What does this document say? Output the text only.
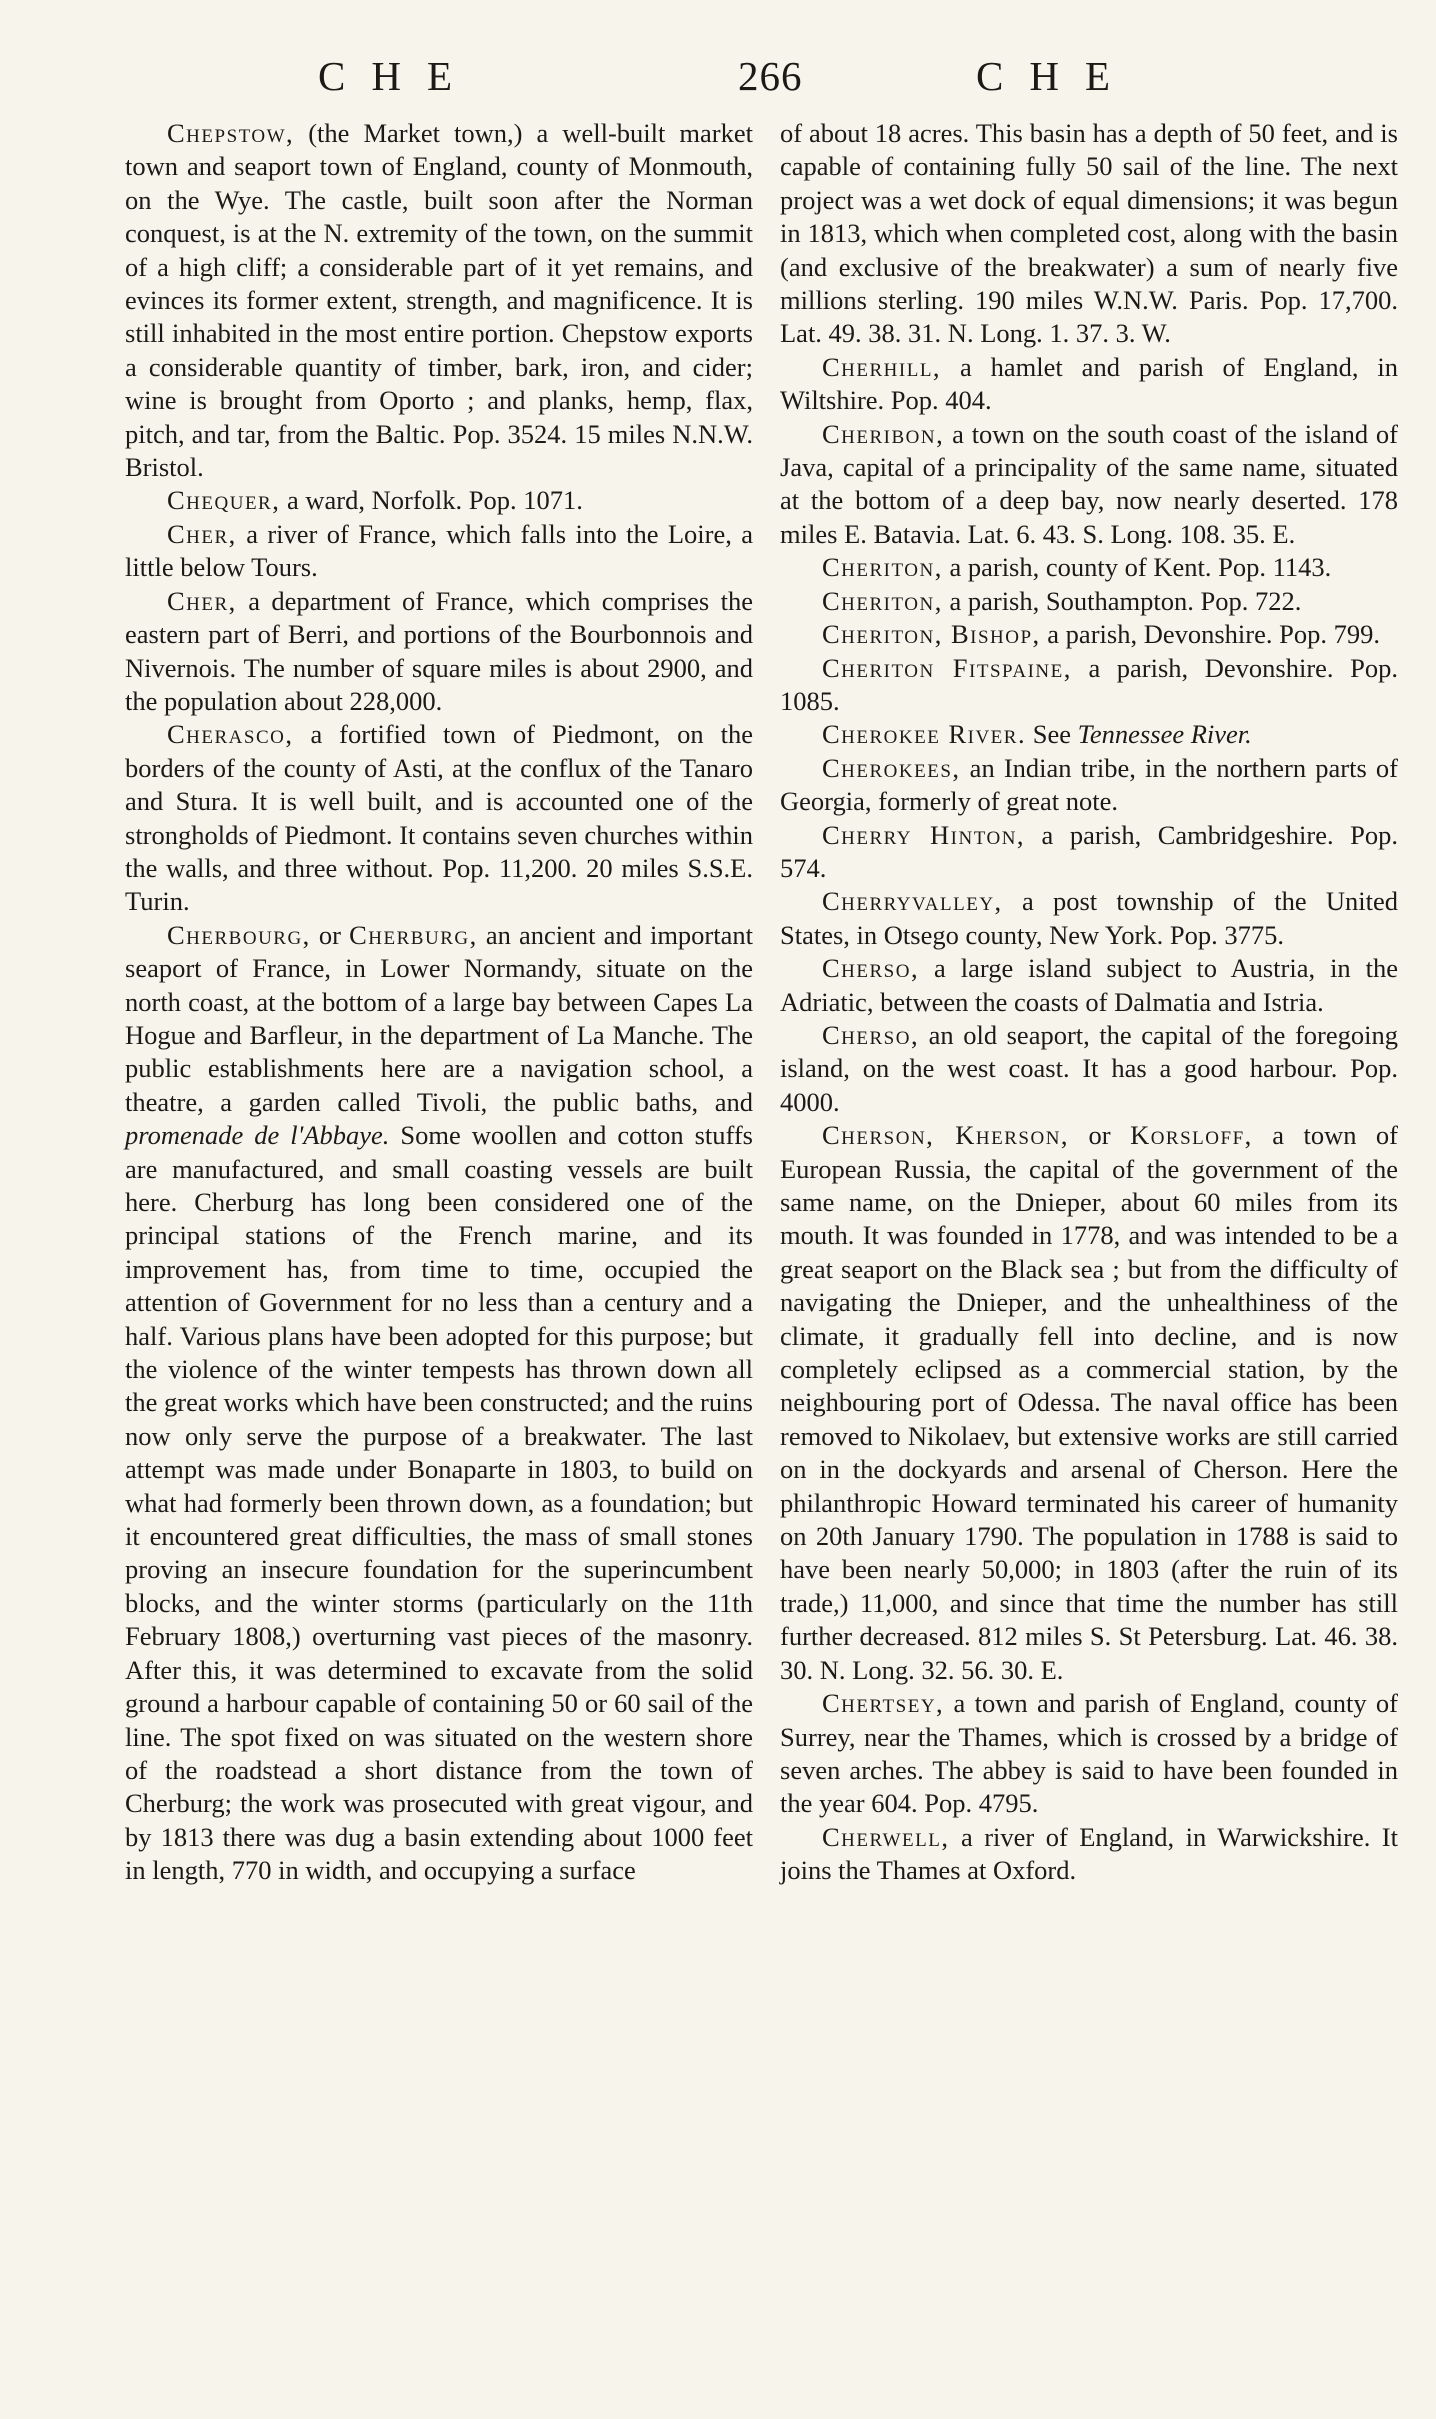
CHE	266	CHE

Chepstow, (the Market town,) a well-built market town and seaport town of England, county of Monmouth, on the Wye. The castle, built soon after the Norman conquest, is at the N. extremity of the town, on the summit of a high cliff; a considerable part of it yet remains, and evinces its former extent, strength, and magnificence. It is still inhabited in the most entire portion. Chepstow exports a considerable quantity of timber, bark, iron, and cider; wine is brought from Oporto ; and planks, hemp, flax, pitch, and tar, from the Baltic. Pop. 3524. 15 miles N.N.W. Bristol.

Chequer, a ward, Norfolk. Pop. 1071.

Cher, a river of France, which falls into the Loire, a little below Tours.

Cher, a department of France, which comprises the eastern part of Berri, and portions of the Bourbonnois and Nivernois. The number of square miles is about 2900, and the population about 228,000.

Cherasco, a fortified town of Piedmont, on the borders of the county of Asti, at the conflux of the Tanaro and Stura. It is well built, and is accounted one of the strongholds of Piedmont. It contains seven churches within the walls, and three without. Pop. 11,200. 20 miles S.S.E. Turin.

Cherbourg, or Cherburg, an ancient and important seaport of France, in Lower Normandy, situate on the north coast, at the bottom of a large bay between Capes La Hogue and Barfleur, in the department of La Manche. The public establishments here are a navigation school, a theatre, a garden called Tivoli, the public baths, and promenade de l'Abbaye. Some woollen and cotton stuffs are manufactured, and small coasting vessels are built here. Cherburg has long been considered one of the principal stations of the French marine, and its improvement has, from time to time, occupied the attention of Government for no less than a century and a half. Various plans have been adopted for this purpose; but the violence of the winter tempests has thrown down all the great works which have been constructed; and the ruins now only serve the purpose of a breakwater. The last attempt was made under Bonaparte in 1803, to build on what had formerly been thrown down, as a foundation; but it encountered great difficulties, the mass of small stones proving an insecure foundation for the superincumbent blocks, and the winter storms (particularly on the 11th February 1808,) overturning vast pieces of the masonry. After this, it was determined to excavate from the solid ground a harbour capable of containing 50 or 60 sail of the line. The spot fixed on was situated on the western shore of the roadstead a short distance from the town of Cherburg; the work was prosecuted with great vigour, and by 1813 there was dug a basin extending about 1000 feet in length, 770 in width, and occupying a surface

of about 18 acres. This basin has a depth of 50 feet, and is capable of containing fully 50 sail of the line. The next project was a wet dock of equal dimensions; it was begun in 1813, which when completed cost, along with the basin (and exclusive of the breakwater) a sum of nearly five millions sterling. 190 miles W.N.W. Paris. Pop. 17,700. Lat. 49. 38. 31. N. Long. 1. 37. 3. W.

Cherhill, a hamlet and parish of England, in Wiltshire. Pop. 404.

Cheribon, a town on the south coast of the island of Java, capital of a principality of the same name, situated at the bottom of a deep bay, now nearly deserted. 178 miles E. Batavia. Lat. 6. 43. S. Long. 108. 35. E.

Cheriton, a parish, county of Kent. Pop. 1143.

Cheriton, a parish, Southampton. Pop. 722.

Cheriton, Bishop, a parish, Devonshire. Pop. 799.

Cheriton Fitspaine, a parish, Devonshire. Pop. 1085.

Cherokee River. See Tennessee River.

Cherokees, an Indian tribe, in the northern parts of Georgia, formerly of great note.

Cherry Hinton, a parish, Cambridgeshire. Pop. 574.

Cherryvalley, a post township of the United States, in Otsego county, New York. Pop. 3775.

Cherso, a large island subject to Austria, in the Adriatic, between the coasts of Dalmatia and Istria.

Cherso, an old seaport, the capital of the foregoing island, on the west coast. It has a good harbour. Pop. 4000.

Cherson, Kherson, or Korsloff, a town of European Russia, the capital of the government of the same name, on the Dnieper, about 60 miles from its mouth. It was founded in 1778, and was intended to be a great seaport on the Black sea ; but from the difficulty of navigating the Dnieper, and the unhealthiness of the climate, it gradually fell into decline, and is now completely eclipsed as a commercial station, by the neighbouring port of Odessa. The naval office has been removed to Nikolaev, but extensive works are still carried on in the dockyards and arsenal of Cherson. Here the philanthropic Howard terminated his career of humanity on 20th January 1790. The population in 1788 is said to have been nearly 50,000; in 1803 (after the ruin of its trade,) 11,000, and since that time the number has still further decreased. 812 miles S. St Petersburg. Lat. 46. 38. 30. N. Long. 32. 56. 30. E.

Chertsey, a town and parish of England, county of Surrey, near the Thames, which is crossed by a bridge of seven arches. The abbey is said to have been founded in the year 604. Pop. 4795.

Cherwell, a river of England, in Warwickshire. It joins the Thames at Oxford.
